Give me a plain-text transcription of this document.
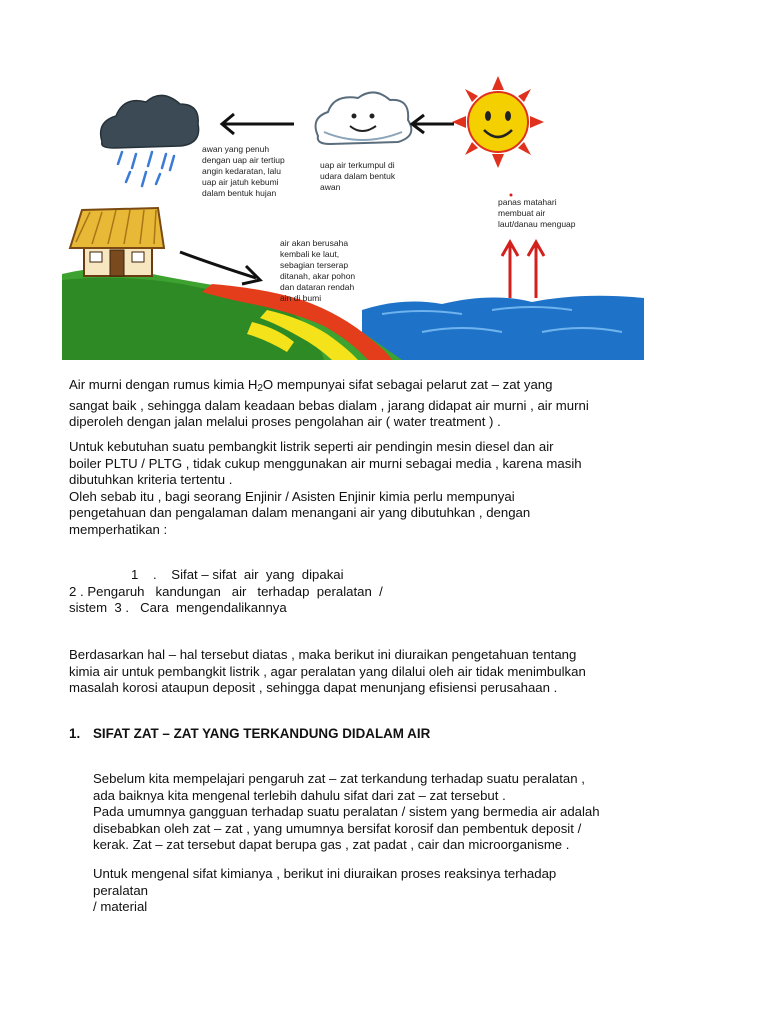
awan yang penuh dengan uap air tertiup angin kedaratan, lalu uap air jatuh kebumi dalam bentuk hujan
uap air terkumpul di udara dalam bentuk awan
panas matahari membuat air laut/danau menguap
air akan berusaha kembali ke laut, sebagian terserap ditanah, akar pohon dan dataran rendah ain di bumi

Air murni dengan rumus kimia $H_2O$ mempunyai sifat sebagai pelarut zat – zat yang

sangat baik , sehingga dalam keadaan bebas dialam , jarang didapat air murni , air murni

diperoleh dengan jalan melalui proses pengolahan air ( water treatment ) .

Untuk kebutuhan suatu pembangkit listrik seperti air pendingin mesin diesel dan air

boiler PLTU / PLTG , tidak cukup menggunakan air murni sebagai media , karena masih

dibutuhkan kriteria tertentu .

Oleh sebab itu , bagi seorang Enjinir / Asisten Enjinir kimia perlu mempunyai

pengetahuan dan pengalaman dalam menangani air yang dibutuhkan , dengan

memperhatikan :

1    .    Sifat – sifat  air  yang  dipakai
2 . Pengaruh   kandungan   air   terhadap  peralatan  /
sistem  3 .   Cara  mengendalikannya

Berdasarkan hal – hal tersebut diatas , maka berikut ini diuraikan pengetahuan tentang

kimia air untuk pembangkit listrik , agar peralatan yang dilalui oleh air tidak menimbulkan

masalah korosi ataupun deposit , sehingga dapat menunjang efisiensi perusahaan .

1. SIFAT ZAT – ZAT YANG TERKANDUNG DIDALAM AIR

Sebelum kita mempelajari pengaruh zat – zat terkandung terhadap suatu peralatan ,

ada baiknya kita mengenal terlebih dahulu sifat dari zat – zat tersebut .

Pada umumnya gangguan terhadap suatu peralatan / sistem yang bermedia air adalah

disebabkan oleh zat – zat , yang umumnya bersifat korosif dan pembentuk deposit /

kerak. Zat – zat tersebut dapat berupa gas , zat padat , cair dan microorganisme .

Untuk mengenal sifat kimianya , berikut ini diuraikan proses reaksinya terhadap

peralatan

/ material
